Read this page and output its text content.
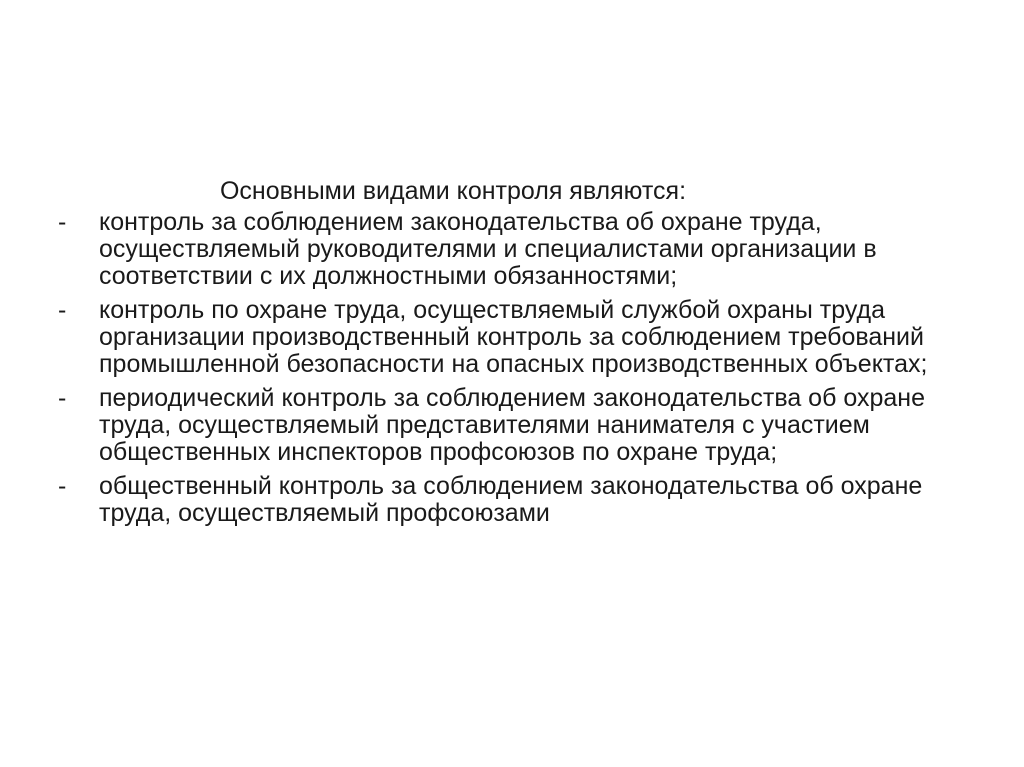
Основными видами контроля являются:
- контроль за соблюдением законодательства об охране труда, осуществляемый руководителями и специалистами организации в соответствии с их должностными обязанностями;
- контроль по охране труда, осуществляемый службой охраны труда организации производственный контроль за соблюдением требований промышленной безопасности на опасных производственных объектах;
- периодический контроль за соблюдением законодательства об охране труда, осуществляемый представителями нанимателя с участием общественных инспекторов профсоюзов по охране труда;
- общественный контроль за соблюдением законодательства об охране труда, осуществляемый профсоюзами
